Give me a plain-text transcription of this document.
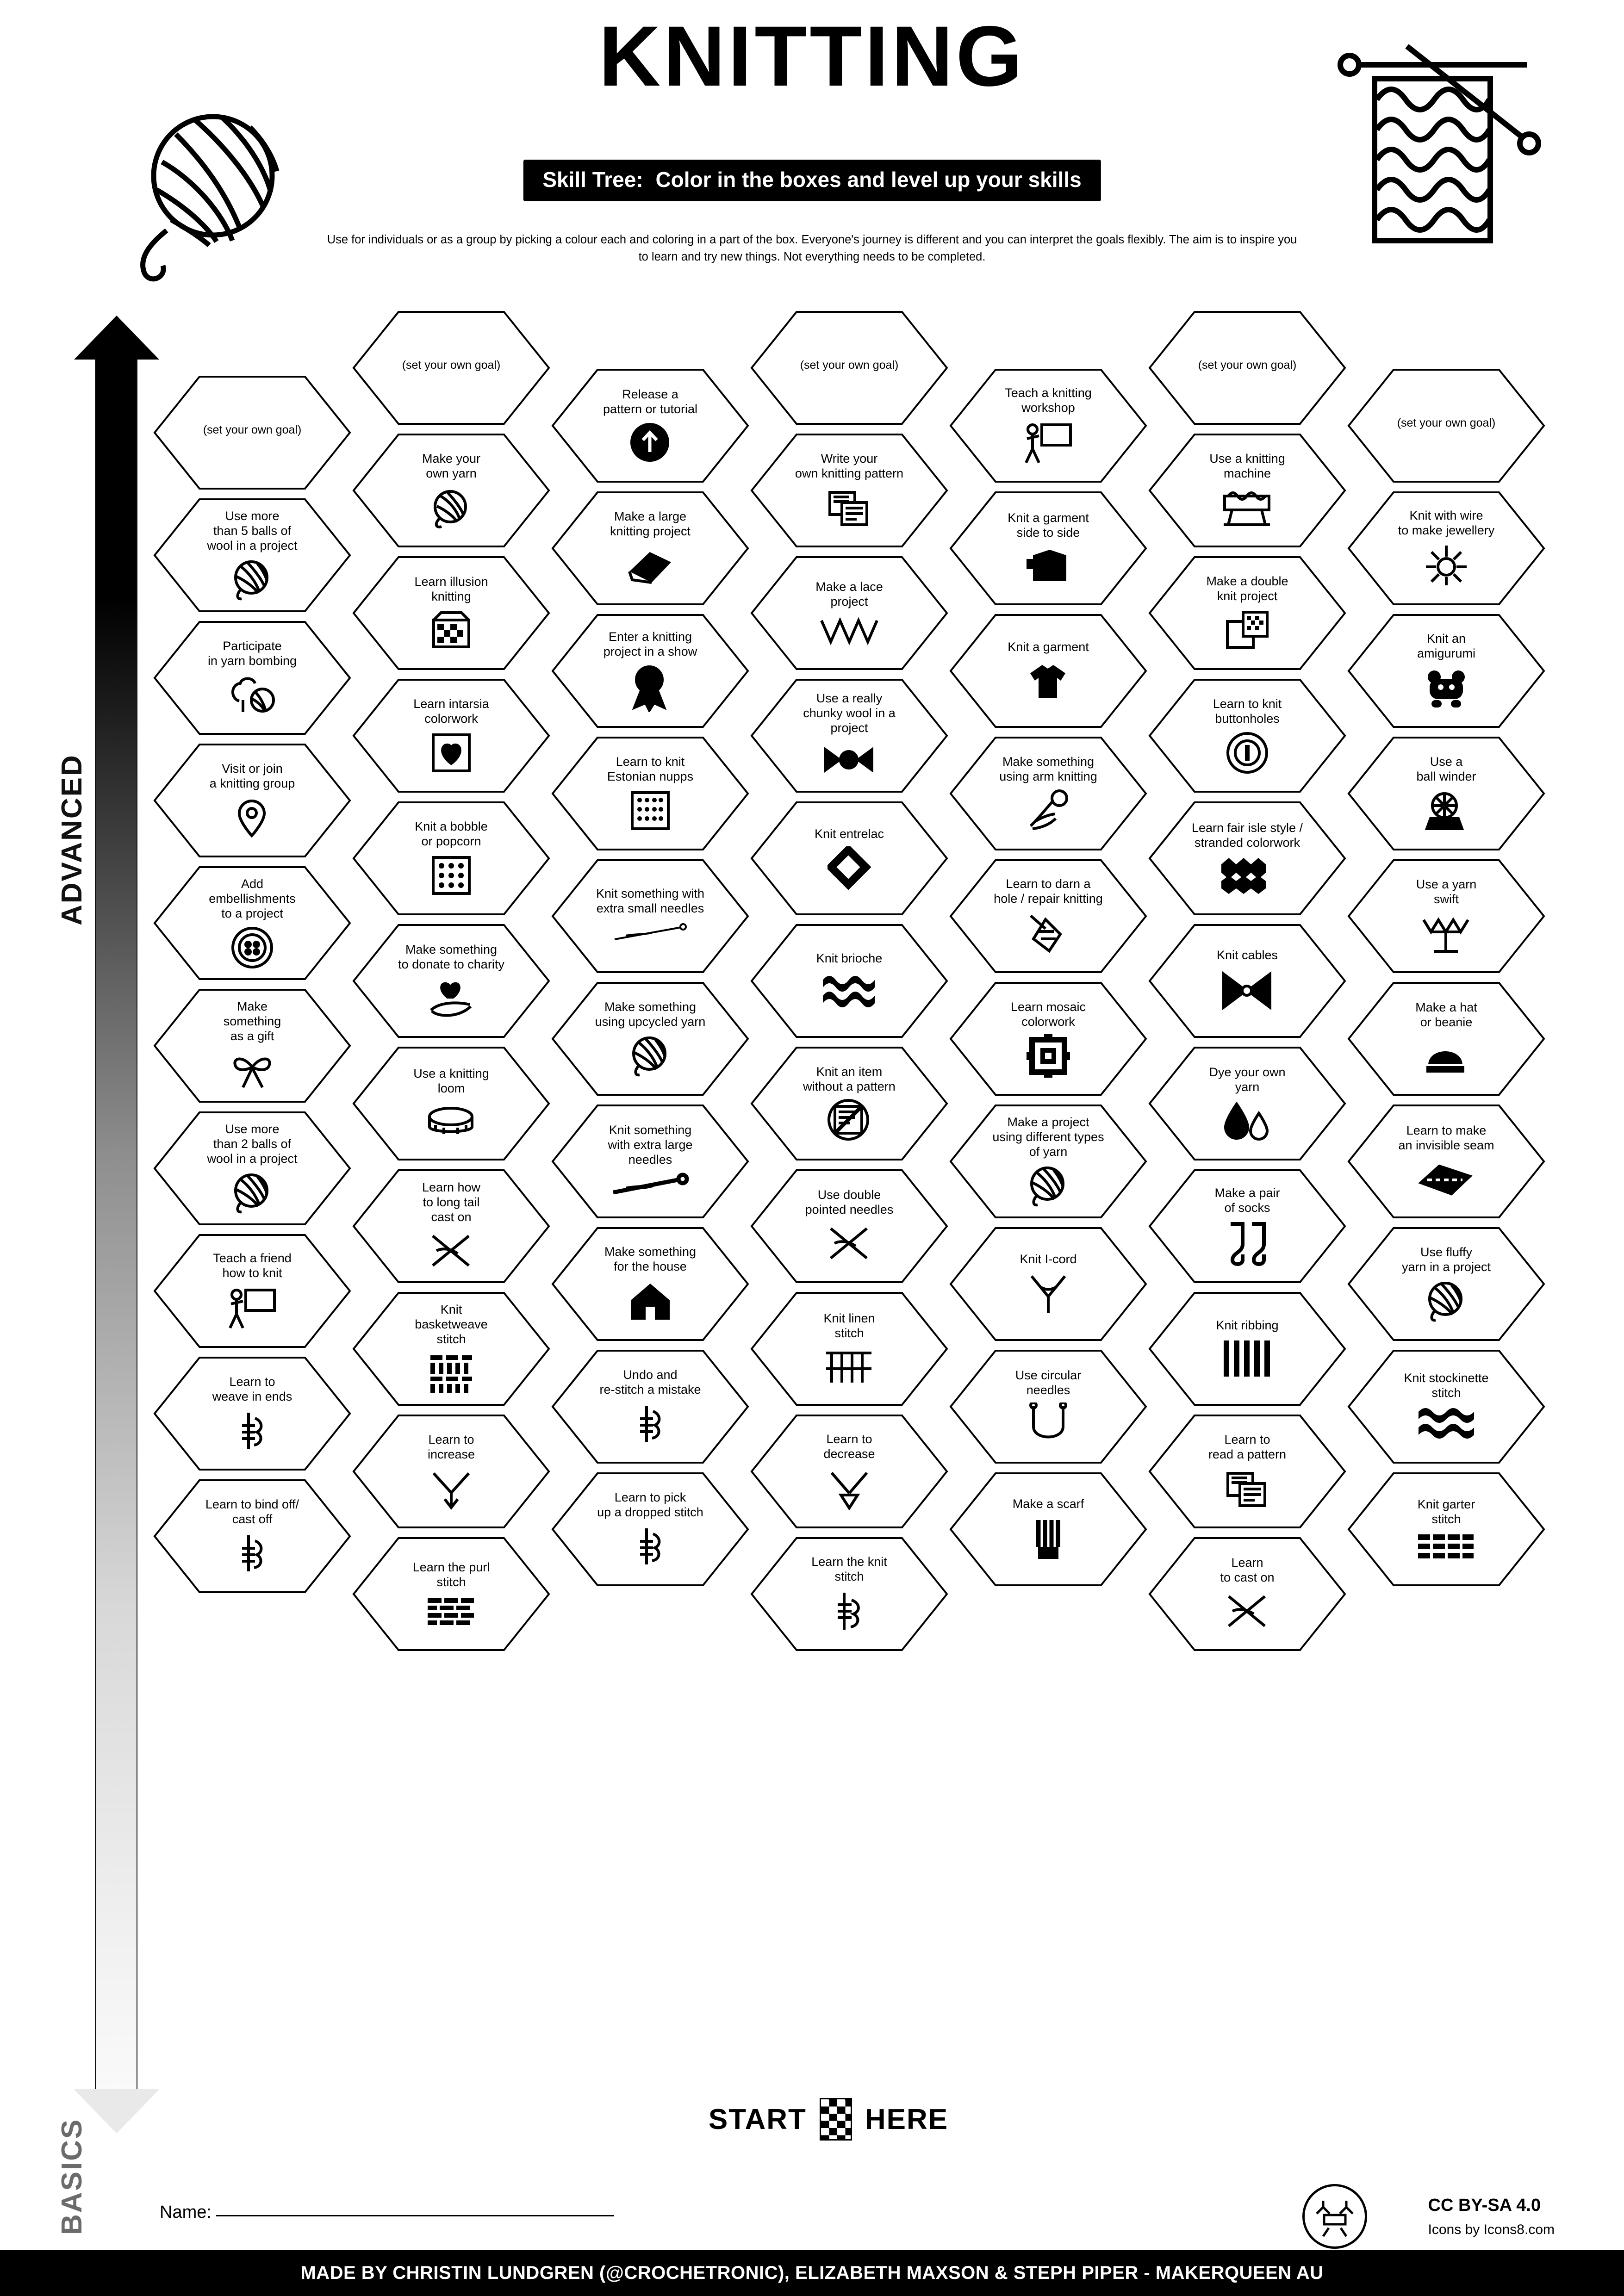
KNITTING
Skill Tree: Color in the boxes and level up your skills
Use for individuals or as a group by picking a colour each and coloring in a part of the box. Everyone's journey is different and you can interpret the goals flexibly. The aim is to inspire you to learn and try new things. Not everything needs to be completed.
ADVANCED
BASICS
(set your own goal)
Use more
than 5 balls of
wool in a project
Participate
in yarn bombing
Visit or join
a knitting group
Add
embellishments
to a project
Make
something
as a gift
Use more
than 2 balls of
wool in a project
Teach a friend
how to knit
Learn to
weave in ends
Learn to bind off/
cast off
(set your own goal)
Make your
own yarn
Learn illusion
knitting
Learn intarsia
colorwork
Knit a bobble
or popcorn
Make something
to donate to charity
Use a knitting
loom
Learn how
to long tail
cast on
Knit
basketweave
stitch
Learn to
increase
Learn the purl
stitch
Release a
pattern or tutorial
Make a large
knitting project
Enter a knitting
project in a show
Learn to knit
Estonian nupps
Knit something with
extra small needles
Make something
using upcycled yarn
Knit something
with extra large
needles
Make something
for the house
Undo and
re-stitch a mistake
Learn to pick
up a dropped stitch
(set your own goal)
Write your
own knitting pattern
Make a lace
project
Use a really
chunky wool in a
project
Knit entrelac
Knit brioche
Knit an item
without a pattern
Use double
pointed needles
Knit linen
stitch
Learn to
decrease
Learn the knit
stitch
Teach a knitting
workshop
Knit a garment
side to side
Knit a garment
Make something
using arm knitting
Learn to darn a
hole / repair knitting
Learn mosaic
colorwork
Make a project
using different types
of yarn
Knit I-cord
Use circular
needles
Make a scarf
(set your own goal)
Use a knitting
machine
Make a double
knit project
Learn to knit
buttonholes
Learn fair isle style /
stranded colorwork
Knit cables
Dye your own
yarn
Make a pair
of socks
Knit ribbing
Learn to
read a pattern
Learn
to cast on
(set your own goal)
Knit with wire
to make jewellery
Knit an
amigurumi
Use a
ball winder
Use a yarn
swift
Make a hat
or beanie
Learn to make
an invisible seam
Use fluffy
yarn in a project
Knit stockinette
stitch
Knit garter
stitch
START HERE
Name:	CC BY-SA 4.0
Icons by Icons8.com
MADE BY CHRISTIN LUNDGREN (@CROCHETRONIC), ELIZABETH MAXSON & STEPH PIPER - MAKERQUEEN AU
